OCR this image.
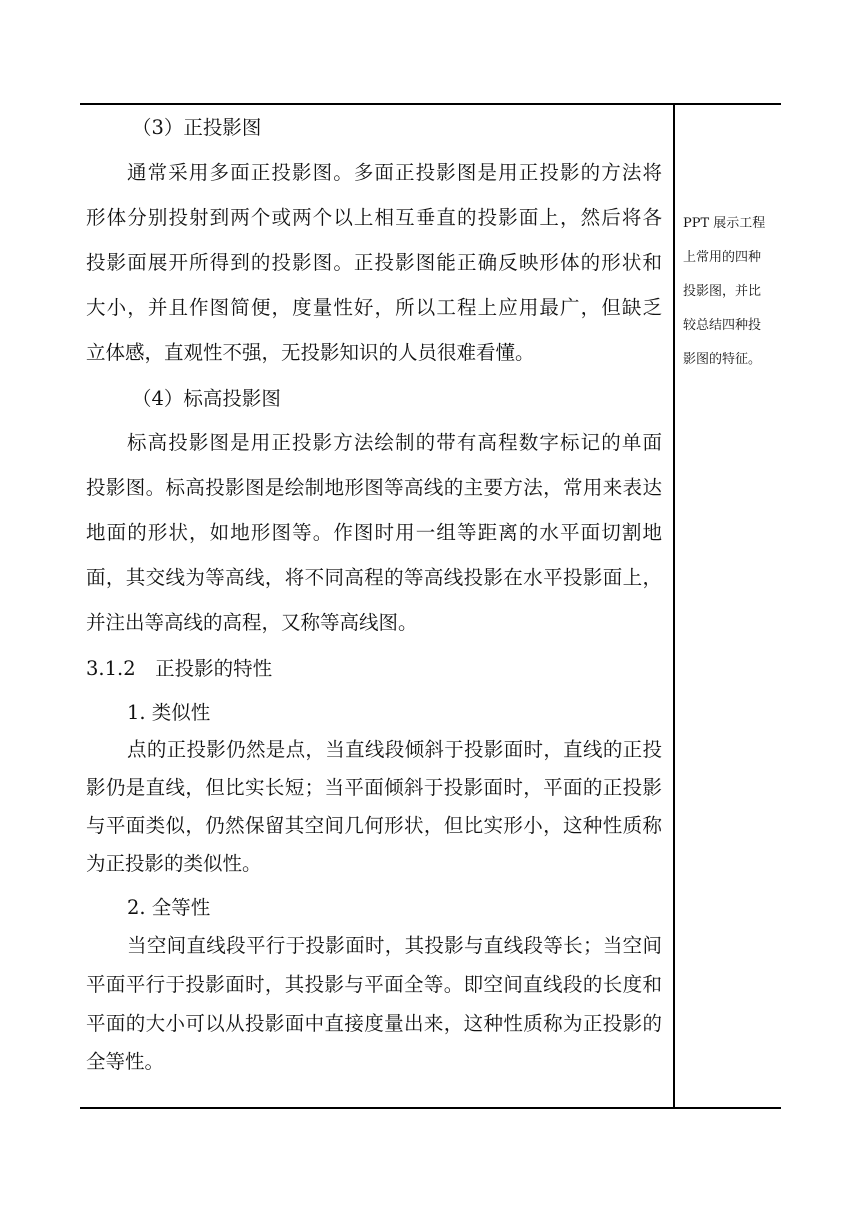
（3）正投影图
通常采用多面正投影图。多面正投影图是用正投影的方法将
形体分别投射到两个或两个以上相互垂直的投影面上，然后将各
投影面展开所得到的投影图。正投影图能正确反映形体的形状和
大小，并且作图简便，度量性好，所以工程上应用最广，但缺乏
立体感，直观性不强，无投影知识的人员很难看懂。
（4）标高投影图
标高投影图是用正投影方法绘制的带有高程数字标记的单面
投影图。标高投影图是绘制地形图等高线的主要方法，常用来表达
地面的形状，如地形图等。作图时用一组等距离的水平面切割地
面，其交线为等高线，将不同高程的等高线投影在水平投影面上，
并注出等高线的高程，又称等高线图。
3.1.2　正投影的特性
1. 类似性
点的正投影仍然是点，当直线段倾斜于投影面时，直线的正投
影仍是直线，但比实长短；当平面倾斜于投影面时，平面的正投影
与平面类似，仍然保留其空间几何形状，但比实形小，这种性质称
为正投影的类似性。
2. 全等性
当空间直线段平行于投影面时，其投影与直线段等长；当空间
平面平行于投影面时，其投影与平面全等。即空间直线段的长度和
平面的大小可以从投影面中直接度量出来，这种性质称为正投影的
全等性。
PPT 展示工程
上常用的四种
投影图，并比
较总结四种投
影图的特征。
